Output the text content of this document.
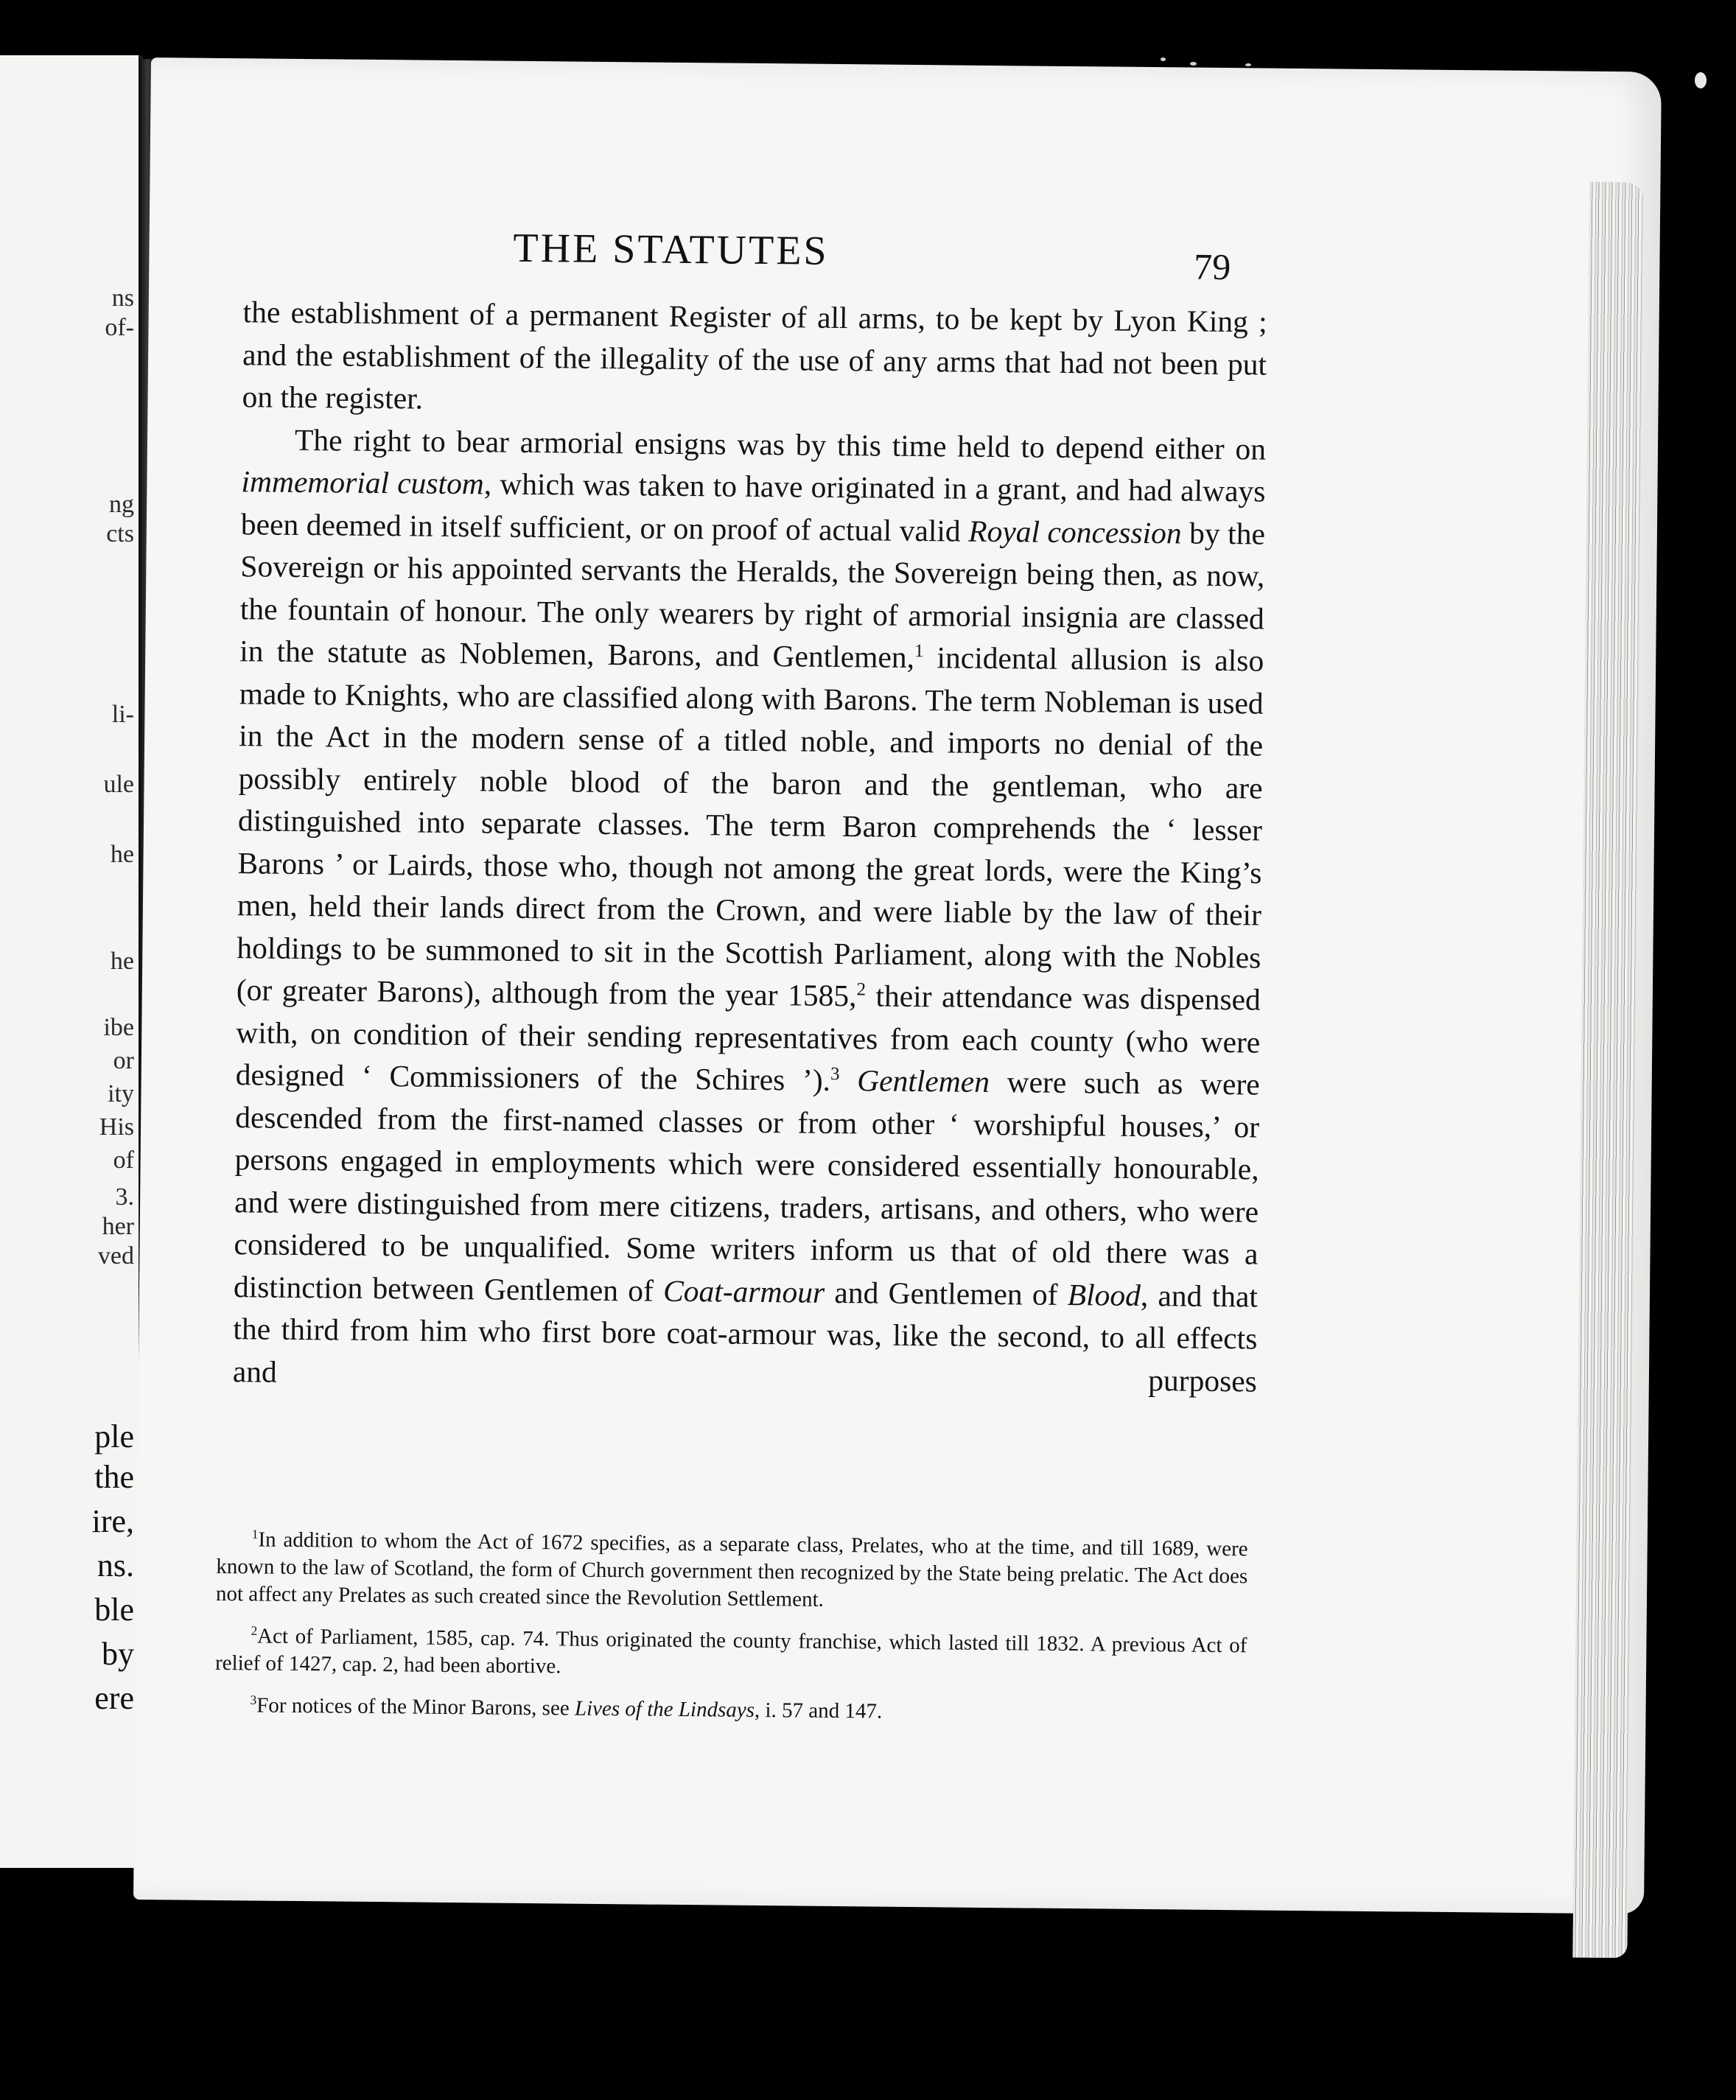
ns
of-
ng
cts
li-
ule
he
he
ibe
or
ity
His
of
3.
her
ved
ple
the
ire,
ns.
ble
by
ere
THE STATUTES	79

the establishment of a permanent Register of all arms, to be kept by Lyon King ; and the establishment of the illegality of the use of any arms that had not been put on the register.

The right to bear armorial ensigns was by this time held to depend either on immemorial custom, which was taken to have originated in a grant, and had always been deemed in itself sufficient, or on proof of actual valid Royal concession by the Sovereign or his appointed servants the Heralds, the Sovereign being then, as now, the fountain of honour. The only wearers by right of armorial insignia are classed in the statute as Noblemen, Barons, and Gentlemen,$^1$ incidental allusion is also made to Knights, who are classified along with Barons. The term Nobleman is used in the Act in the modern sense of a titled noble, and imports no denial of the possibly entirely noble blood of the baron and the gentleman, who are distinguished into separate classes. The term Baron comprehends the ‘ lesser Barons ’ or Lairds, those who, though not among the great lords, were the King’s men, held their lands direct from the Crown, and were liable by the law of their holdings to be summoned to sit in the Scottish Parliament, along with the Nobles (or greater Barons), although from the year 1585,$^2$ their attendance was dispensed with, on condition of their sending representatives from each county (who were designed ‘ Commissioners of the Schires ’).$^3$ Gentlemen were such as were descended from the first-named classes or from other ‘ worshipful houses,’ or persons engaged in employments which were considered essentially honourable, and were distinguished from mere citizens, traders, artisans, and others, who were considered to be unqualified. Some writers inform us that of old there was a distinction between Gentlemen of Coat-armour and Gentlemen of Blood, and that the third from him who first bore coat-armour was, like the second, to all effects and purposes

$^1$In addition to whom the Act of 1672 specifies, as a separate class, Prelates, who at the time, and till 1689, were known to the law of Scotland, the form of Church government then recognized by the State being prelatic. The Act does not affect any Prelates as such created since the Revolution Settlement.

$^2$Act of Parliament, 1585, cap. 74. Thus originated the county franchise, which lasted till 1832. A previous Act of relief of 1427, cap. 2, had been abortive.

$^3$For notices of the Minor Barons, see Lives of the Lindsays, i. 57 and 147.
